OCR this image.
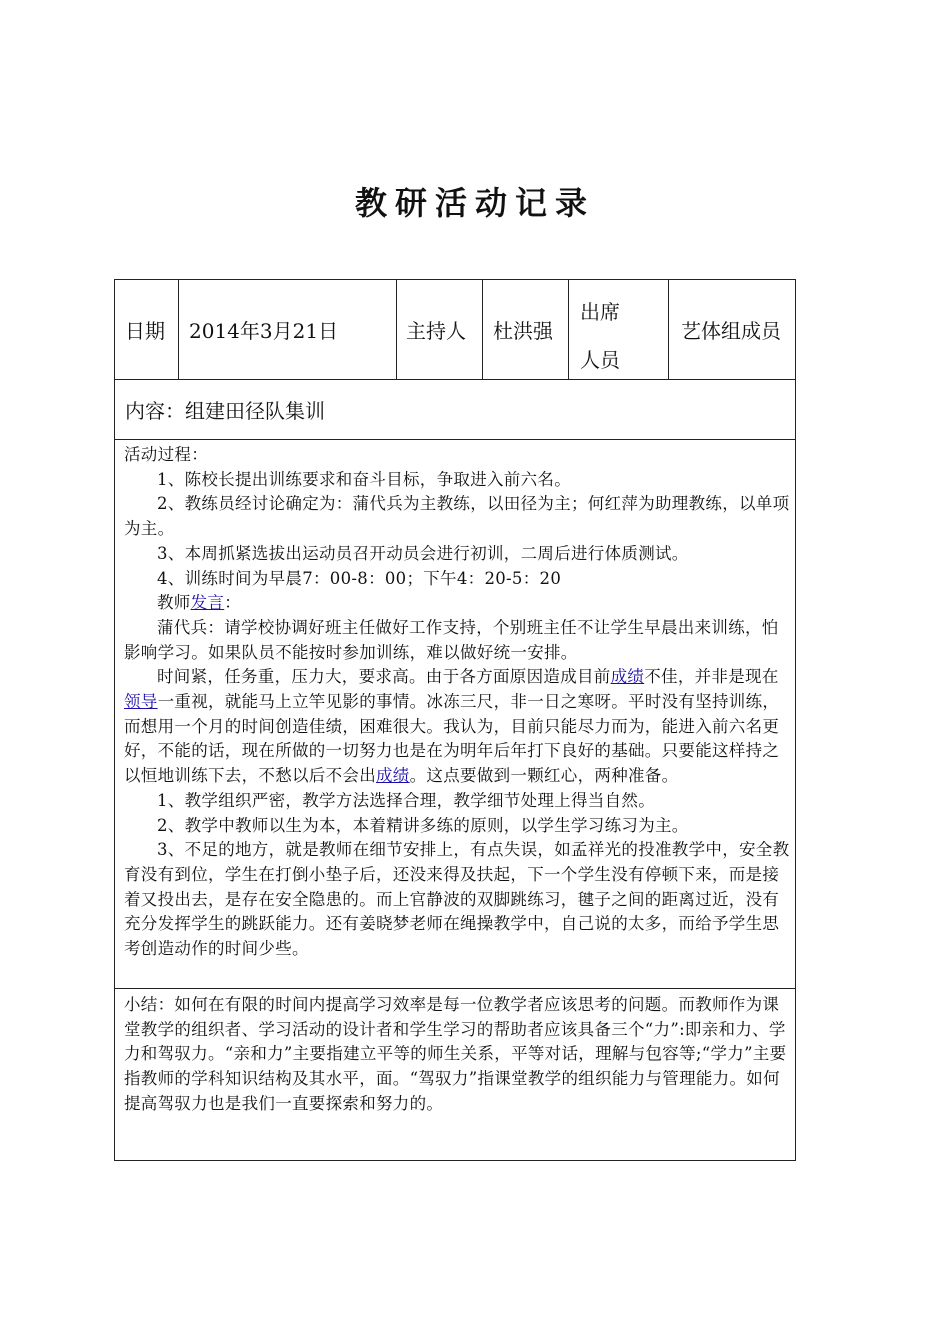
教研活动记录
日期 2014年3月21日	主持人 杜洪强
出席
人员
艺体组成员
内容：组建田径队集训

活动过程：

1、陈校长提出训练要求和奋斗目标，争取进入前六名。

2、教练员经讨论确定为：蒲代兵为主教练，以田径为主；何红萍为助理教练，以单项为主。

3、本周抓紧选拔出运动员召开动员会进行初训，二周后进行体质测试。

4、训练时间为早晨7：00-8：00；下午4：20-5：20

教师发言：

蒲代兵：请学校协调好班主任做好工作支持，个别班主任不让学生早晨出来训练，怕影响学习。如果队员不能按时参加训练，难以做好统一安排。

时间紧，任务重，压力大，要求高。由于各方面原因造成目前成绩不佳，并非是现在领导一重视，就能马上立竿见影的事情。冰冻三尺，非一日之寒呀。平时没有坚持训练，而想用一个月的时间创造佳绩，困难很大。我认为，目前只能尽力而为，能进入前六名更好，不能的话，现在所做的一切努力也是在为明年后年打下良好的基础。只要能这样持之以恒地训练下去，不愁以后不会出成绩。这点要做到一颗红心，两种准备。

1、教学组织严密，教学方法选择合理，教学细节处理上得当自然。

2、教学中教师以生为本，本着精讲多练的原则，以学生学习练习为主。

3、不足的地方，就是教师在细节安排上，有点失误，如孟祥光的投准教学中，安全教育没有到位，学生在打倒小垫子后，还没来得及扶起，下一个学生没有停顿下来，而是接着又投出去，是存在安全隐患的。而上官静波的双脚跳练习，毽子之间的距离过近，没有充分发挥学生的跳跃能力。还有姜晓梦老师在绳操教学中，自己说的太多，而给予学生思考创造动作的时间少些。

小结：如何在有限的时间内提高学习效率是每一位教学者应该思考的问题。而教师作为课堂教学的组织者、学习活动的设计者和学生学习的帮助者应该具备三个“力”:即亲和力、学力和驾驭力。“亲和力”主要指建立平等的师生关系，平等对话，理解与包容等;“学力”主要指教师的学科知识结构及其水平，面。“驾驭力”指课堂教学的组织能力与管理能力。如何提高驾驭力也是我们一直要探索和努力的。
